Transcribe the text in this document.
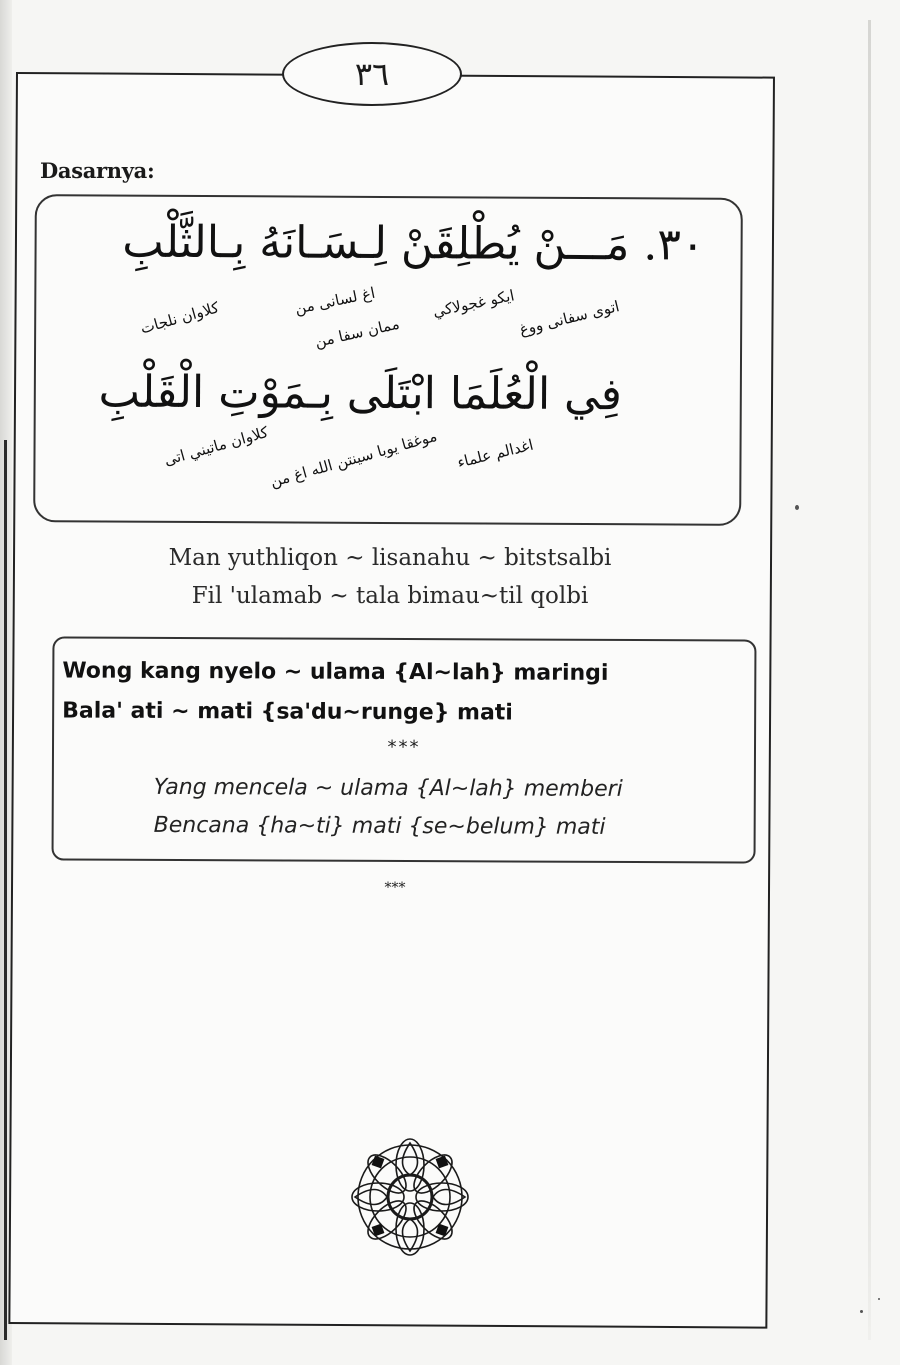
٣٦
Dasarnya:
٣٠. مَـــنْ يُطْلِقَنْ لِـسَـانَهُ بِـالثَّلْبِ
اتوى سفانى ووغ
اغ لسانى من	ايكو غجولاكي
ممان سفا من
كلاوان نلجات
فِي الْعُلَمَا ابْتَلَى بِـمَوْتِ الْقَلْبِ
اغدالم علماء
موغقا يوبا سينتن الله اغ من
كلاوان ماتيني اتى
Man yuthliqon ~ lisanahu ~ bitstsalbi
Fil 'ulamab ~ tala bimau~til qolbi
Wong kang nyelo ~ ulama {Al~lah} maringi
Bala' ati ~ mati {sa'du~runge} mati
***
Yang mencela ~ ulama {Al~lah} memberi
Bencana {ha~ti} mati {se~belum} mati
***
